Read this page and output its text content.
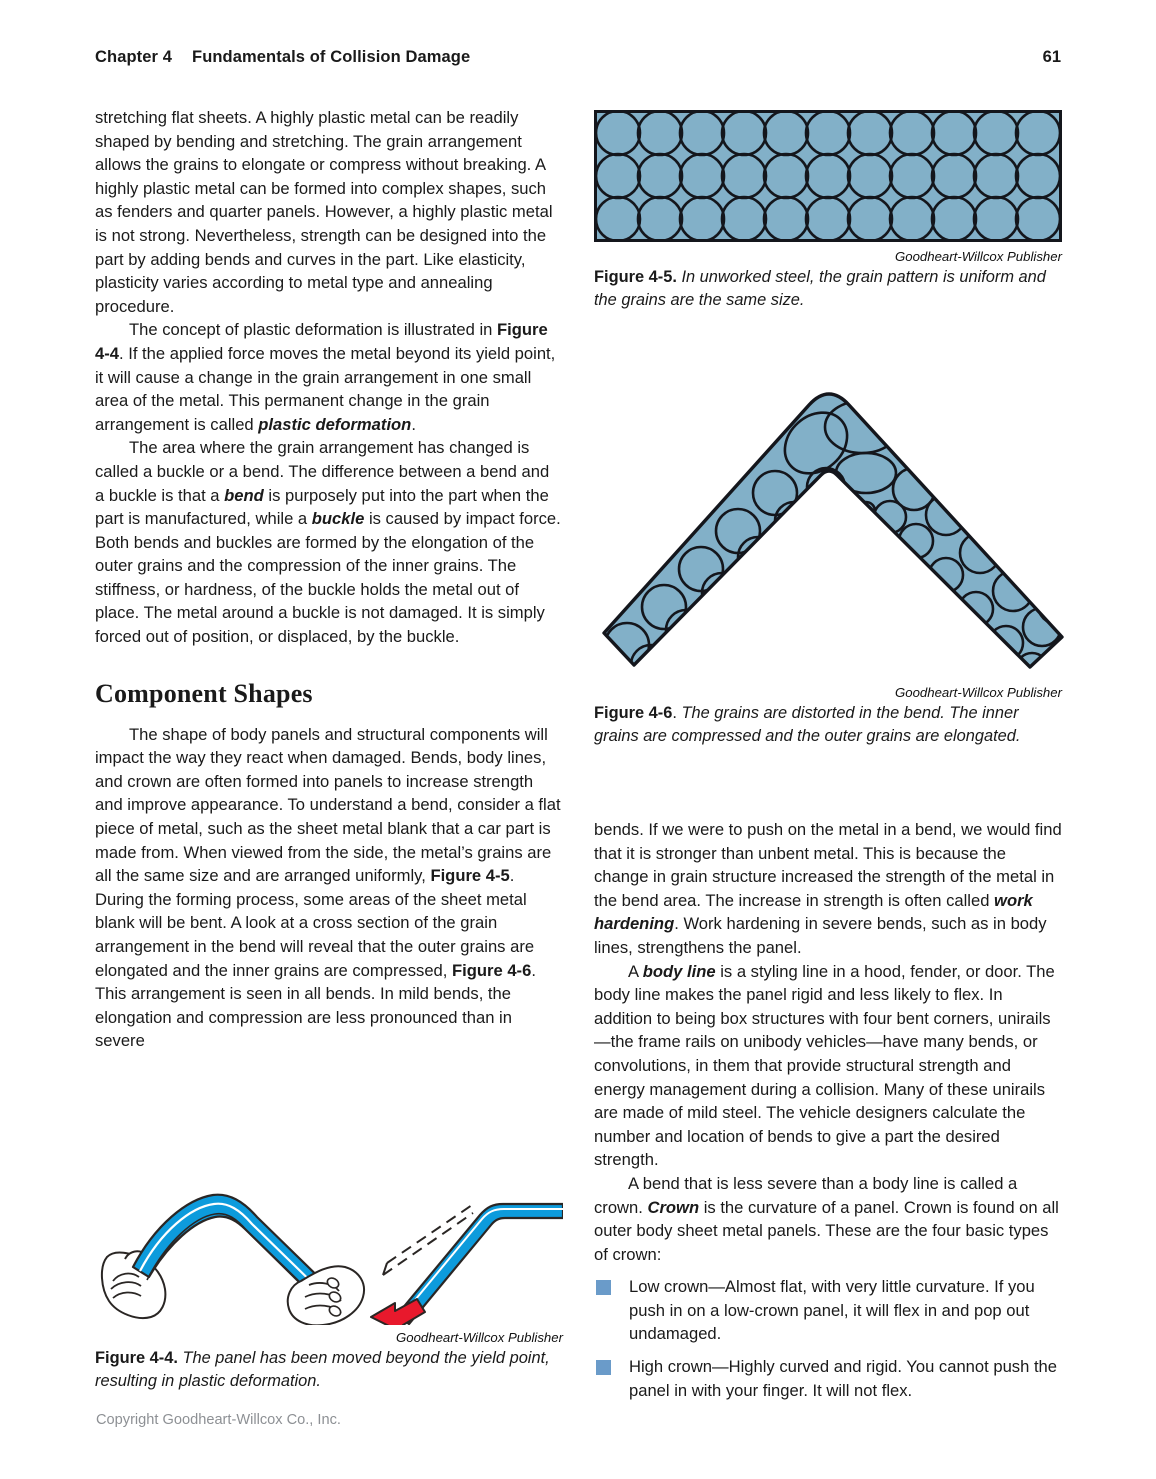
Chapter 4 Fundamentals of Collision Damage	61

stretching flat sheets. A highly plastic metal can be readily shaped by bending and stretching. The grain arrangement allows the grains to elongate or compress without breaking. A highly plastic metal can be formed into complex shapes, such as fenders and quarter panels. However, a highly plastic metal is not strong. Nevertheless, strength can be designed into the part by adding bends and curves in the part. Like elasticity, plasticity varies according to metal type and annealing procedure.

The concept of plastic deformation is illustrated in Figure 4-4. If the applied force moves the metal beyond its yield point, it will cause a change in the grain arrangement in one small area of the metal. This permanent change in the grain arrangement is called plastic deformation.

The area where the grain arrangement has changed is called a buckle or a bend. The difference between a bend and a buckle is that a bend is purposely put into the part when the part is manufactured, while a buckle is caused by impact force. Both bends and buckles are formed by the elongation of the outer grains and the compression of the inner grains. The stiffness, or hardness, of the buckle holds the metal out of place. The metal around a buckle is not damaged. It is simply forced out of position, or displaced, by the buckle.

Component Shapes

The shape of body panels and structural components will impact the way they react when damaged. Bends, body lines, and crown are often formed into panels to increase strength and improve appearance. To understand a bend, consider a flat piece of metal, such as the sheet metal blank that a car part is made from. When viewed from the side, the metal’s grains are all the same size and are arranged uniformly, Figure 4-5. During the forming process, some areas of the sheet metal blank will be bent. A look at a cross section of the grain arrangement in the bend will reveal that the outer grains are elongated and the inner grains are compressed, Figure 4-6. This arrangement is seen in all bends. In mild bends, the elongation and compression are less pronounced than in severe

bends. If we were to push on the metal in a bend, we would find that it is stronger than unbent metal. This is because the change in grain structure increased the strength of the metal in the bend area. The increase in strength is often called work hardening. Work hardening in severe bends, such as in body lines, strengthens the panel.

A body line is a styling line in a hood, fender, or door. The body line makes the panel rigid and less likely to flex. In addition to being box structures with four bent corners, unirails—the frame rails on unibody vehicles—have many bends, or convolutions, in them that provide structural strength and energy management during a collision. Many of these unirails are made of mild steel. The vehicle designers calculate the number and location of bends to give a part the desired strength.

A bend that is less severe than a body line is called a crown. Crown is the curvature of a panel. Crown is found on all outer body sheet metal panels. These are the four basic types of crown:

Low crown—Almost flat, with very little curvature. If you push in on a low-crown panel, it will flex in and pop out undamaged.
High crown—Highly curved and rigid. You cannot push the panel in with your finger. It will not flex.
Goodheart-Willcox Publisher

Figure 4-5. In unworked steel, the grain pattern is uniform and the grains are the same size.

Goodheart-Willcox Publisher

Figure 4-6. The grains are distorted in the bend. The inner grains are compressed and the outer grains are elongated.

Goodheart-Willcox Publisher

Figure 4-4. The panel has been moved beyond the yield point, resulting in plastic deformation.

Copyright Goodheart-Willcox Co., Inc.
